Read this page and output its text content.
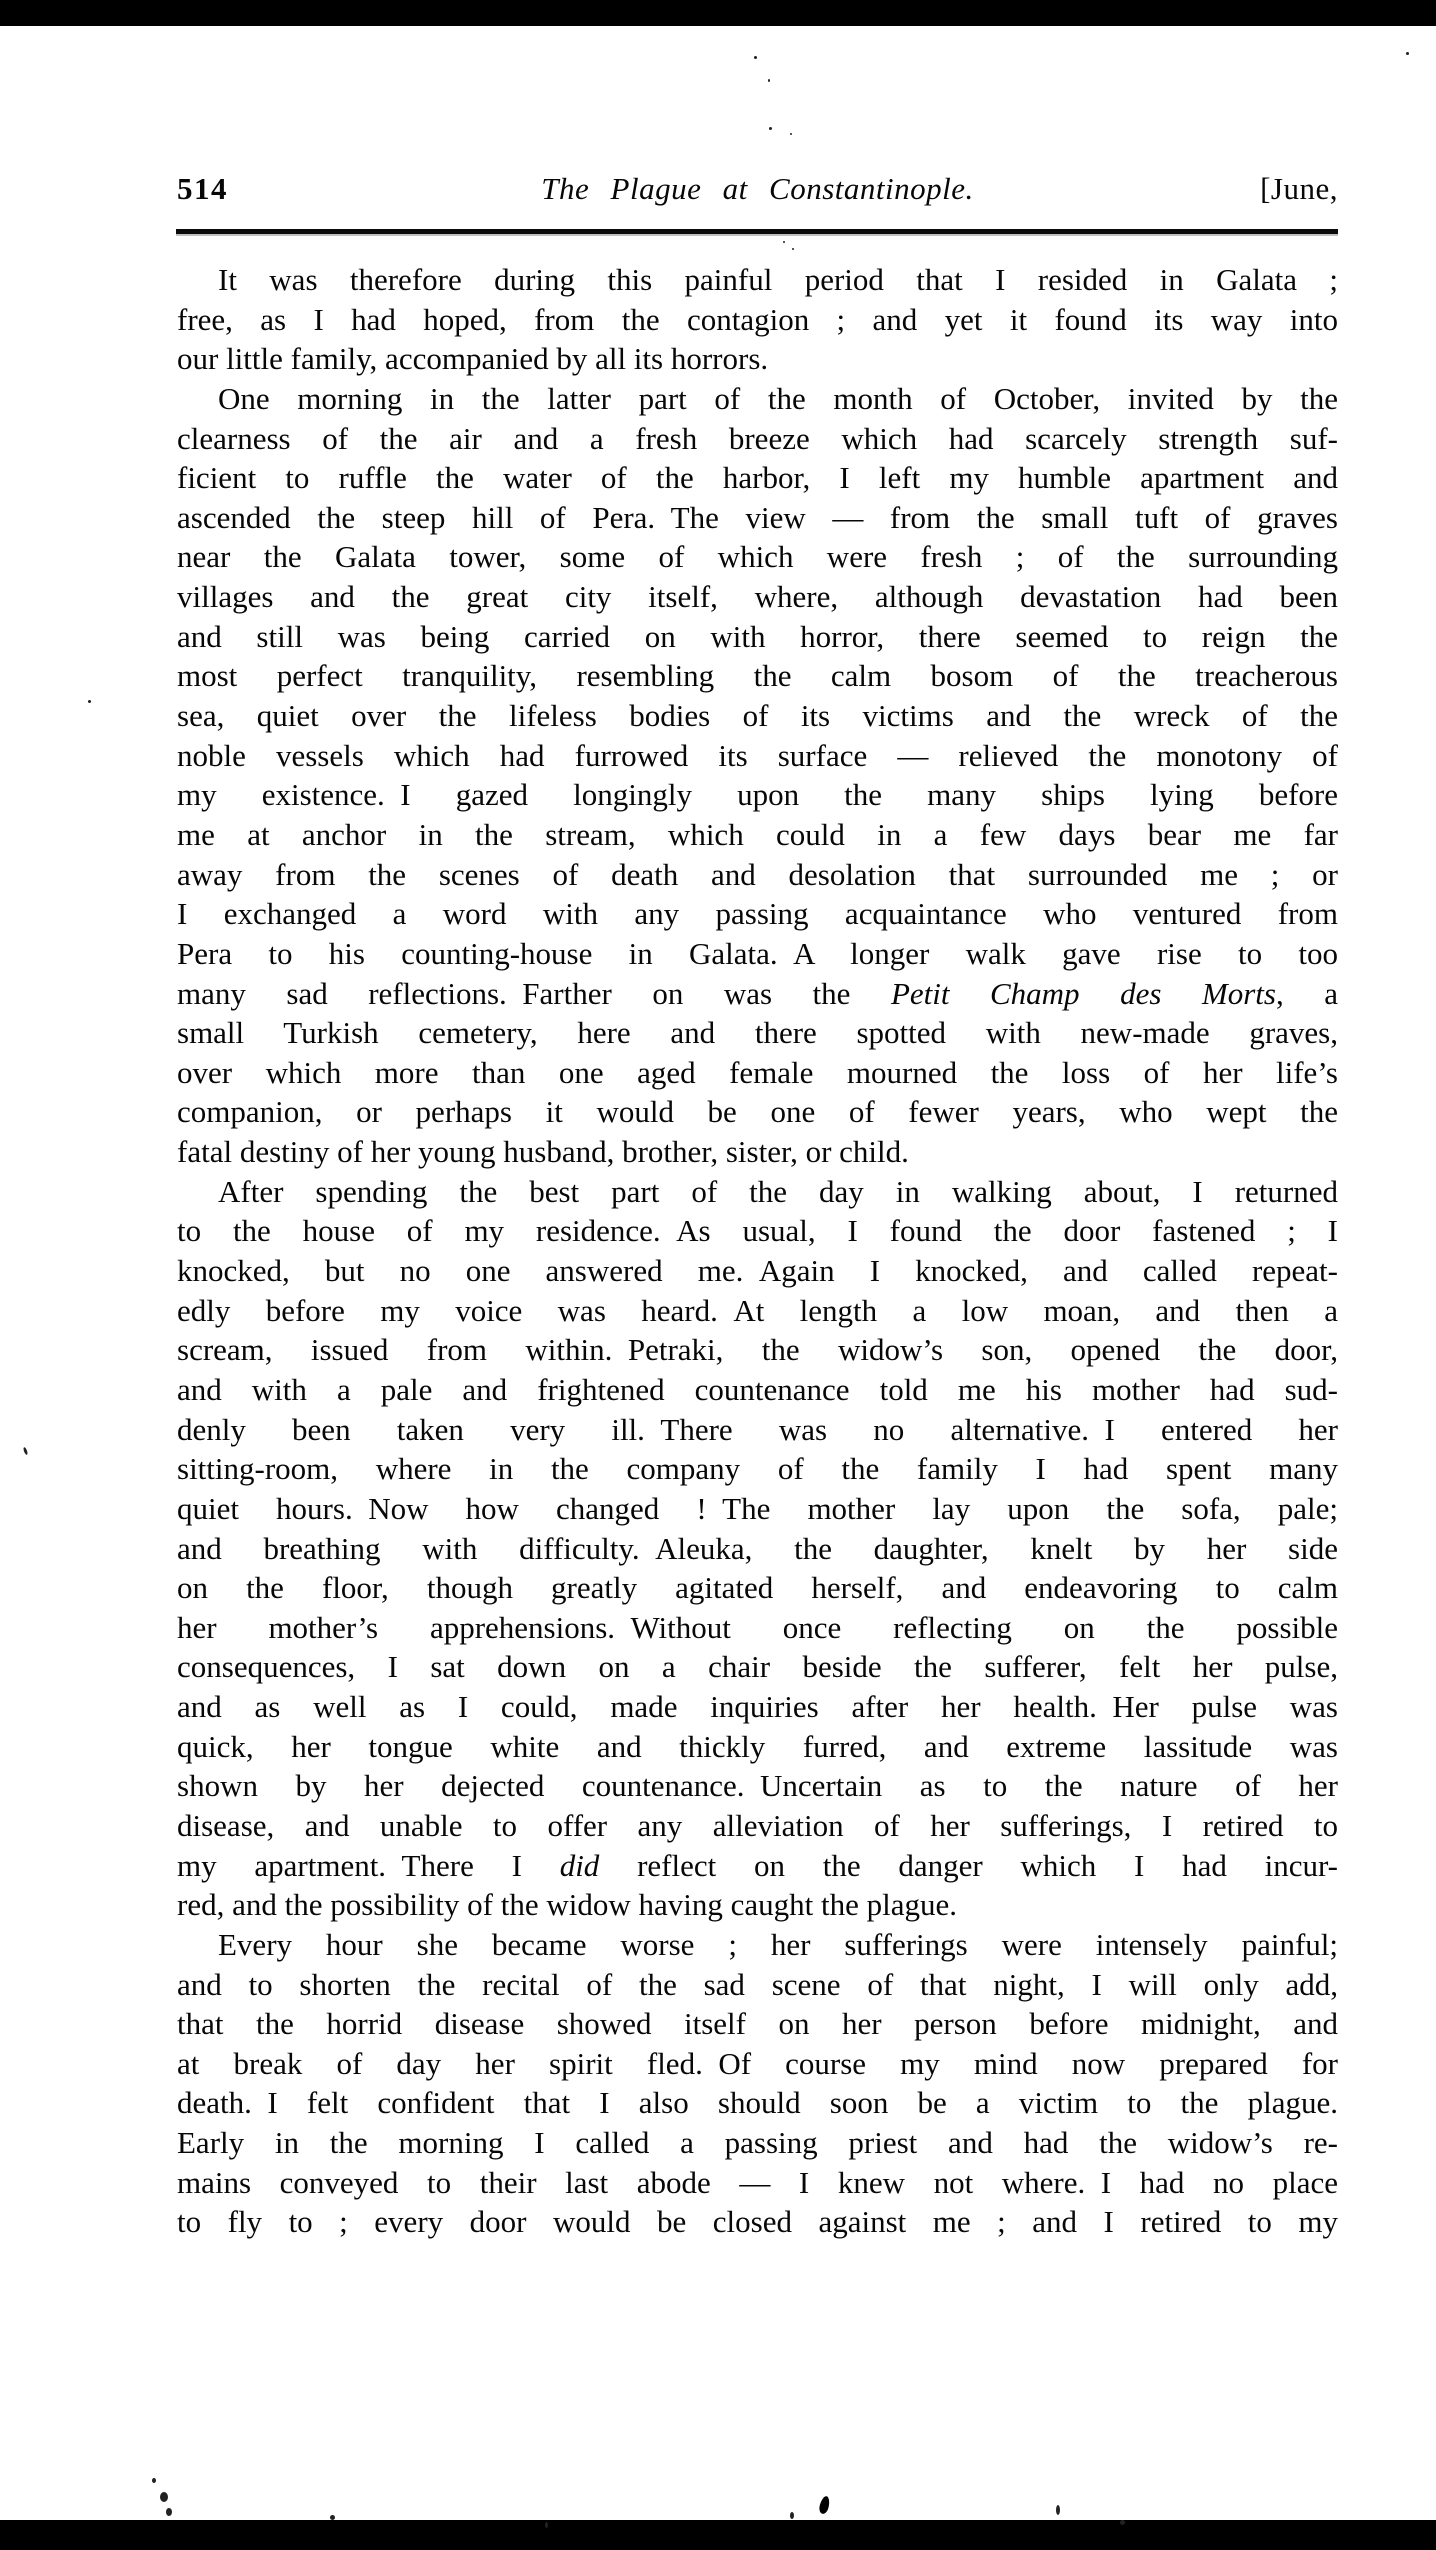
514	The Plague at Constantinople.	[June,
It was therefore during this painful period that I resided in Galata ;
free, as I had hoped, from the contagion ; and yet it found its way into
our little family, accompanied by all its horrors.
One morning in the latter part of the month of October, invited by the
clearness of the air and a fresh breeze which had scarcely strength suf-
ficient to ruffle the water of the harbor, I left my humble apartment and
ascended the steep hill of Pera. The view — from the small tuft of graves
near the Galata tower, some of which were fresh ; of the surrounding
villages and the great city itself, where, although devastation had been
and still was being carried on with horror, there seemed to reign the
most perfect tranquility, resembling the calm bosom of the treacherous
sea, quiet over the lifeless bodies of its victims and the wreck of the
noble vessels which had furrowed its surface — relieved the monotony of
my existence. I gazed longingly upon the many ships lying before
me at anchor in the stream, which could in a few days bear me far
away from the scenes of death and desolation that surrounded me ; or
I exchanged a word with any passing acquaintance who ventured from
Pera to his counting-house in Galata. A longer walk gave rise to too
many sad reflections. Farther on was the Petit Champ des Morts, a
small Turkish cemetery, here and there spotted with new-made graves,
over which more than one aged female mourned the loss of her life’s
companion, or perhaps it would be one of fewer years, who wept the
fatal destiny of her young husband, brother, sister, or child.
After spending the best part of the day in walking about, I returned
to the house of my residence. As usual, I found the door fastened ; I
knocked, but no one answered me. Again I knocked, and called repeat-
edly before my voice was heard. At length a low moan, and then a
scream, issued from within. Petraki, the widow’s son, opened the door,
and with a pale and frightened countenance told me his mother had sud-
denly been taken very ill. There was no alternative. I entered her
sitting-room, where in the company of the family I had spent many
quiet hours. Now how changed ! The mother lay upon the sofa, pale;
and breathing with difficulty. Aleuka, the daughter, knelt by her side
on the floor, though greatly agitated herself, and endeavoring to calm
her mother’s apprehensions. Without once reflecting on the possible
consequences, I sat down on a chair beside the sufferer, felt her pulse,
and as well as I could, made inquiries after her health. Her pulse was
quick, her tongue white and thickly furred, and extreme lassitude was
shown by her dejected countenance. Uncertain as to the nature of her
disease, and unable to offer any alleviation of her sufferings, I retired to
my apartment. There I did reflect on the danger which I had incur-
red, and the possibility of the widow having caught the plague.
Every hour she became worse ; her sufferings were intensely painful;
and to shorten the recital of the sad scene of that night, I will only add,
that the horrid disease showed itself on her person before midnight, and
at break of day her spirit fled. Of course my mind now prepared for
death. I felt confident that I also should soon be a victim to the plague.
Early in the morning I called a passing priest and had the widow’s re-
mains conveyed to their last abode — I knew not where. I had no place
to fly to ; every door would be closed against me ; and I retired to my
